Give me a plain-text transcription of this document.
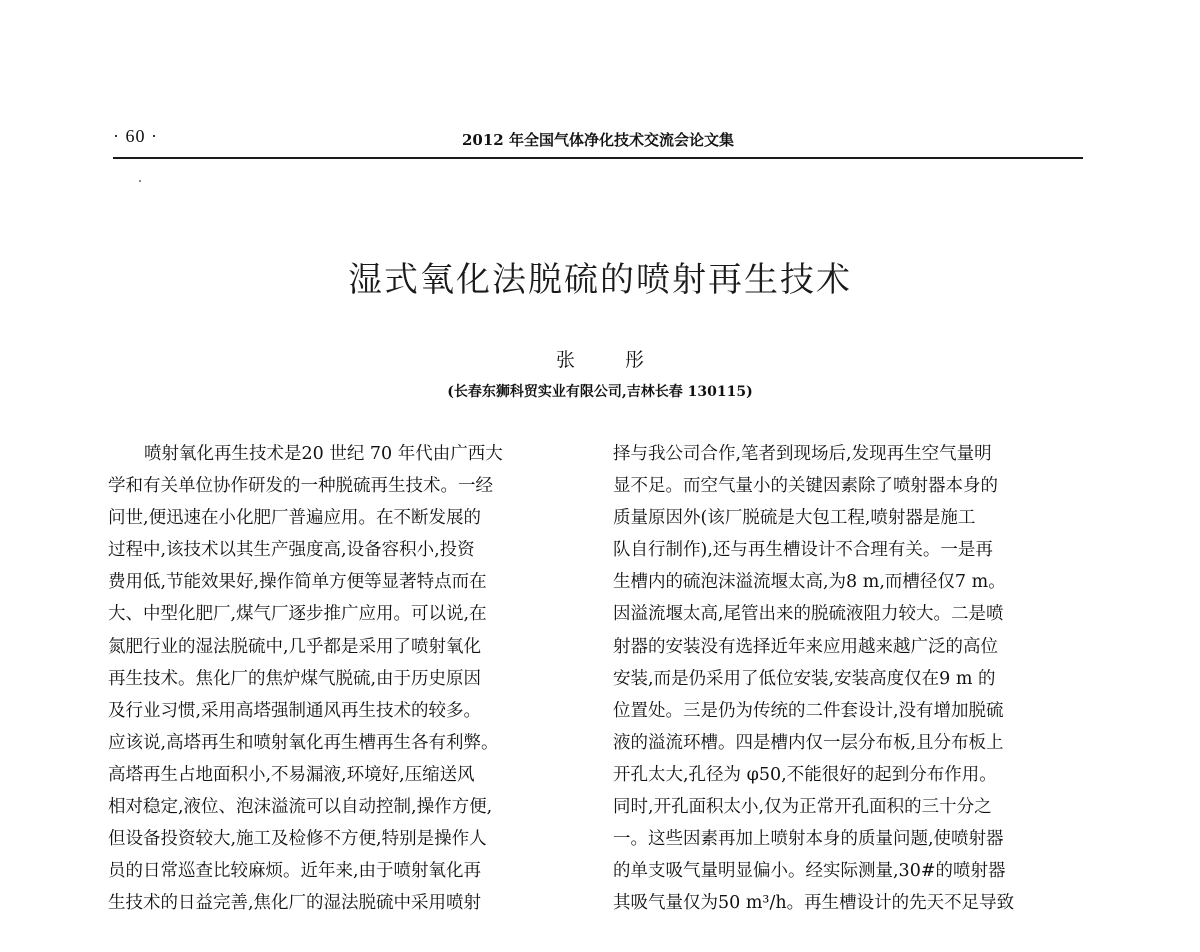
· 60 ·	2012 年全国气体净化技术交流会论文集
湿式氧化法脱硫的喷射再生技术
张 彤
(长春东狮科贸实业有限公司,吉林长春 130115)
喷射氧化再生技术是20 世纪 70 年代由广西大
学和有关单位协作研发的一种脱硫再生技术。一经
问世,便迅速在小化肥厂普遍应用。在不断发展的
过程中,该技术以其生产强度高,设备容积小,投资
费用低,节能效果好,操作简单方便等显著特点而在
大、中型化肥厂,煤气厂逐步推广应用。可以说,在
氮肥行业的湿法脱硫中,几乎都是采用了喷射氧化
再生技术。焦化厂的焦炉煤气脱硫,由于历史原因
及行业习惯,采用高塔强制通风再生技术的较多。
应该说,高塔再生和喷射氧化再生槽再生各有利弊。
高塔再生占地面积小,不易漏液,环境好,压缩送风
相对稳定,液位、泡沫溢流可以自动控制,操作方便,
但设备投资较大,施工及检修不方便,特别是操作人
员的日常巡查比较麻烦。近年来,由于喷射氧化再
生技术的日益完善,焦化厂的湿法脱硫中采用喷射
择与我公司合作,笔者到现场后,发现再生空气量明
显不足。而空气量小的关键因素除了喷射器本身的
质量原因外(该厂脱硫是大包工程,喷射器是施工
队自行制作),还与再生槽设计不合理有关。一是再
生槽内的硫泡沫溢流堰太高,为8 m,而槽径仅7 m。
因溢流堰太高,尾管出来的脱硫液阻力较大。二是喷
射器的安装没有选择近年来应用越来越广泛的高位
安装,而是仍采用了低位安装,安装高度仅在9 m 的
位置处。三是仍为传统的二件套设计,没有增加脱硫
液的溢流环槽。四是槽内仅一层分布板,且分布板上
开孔太大,孔径为 φ50,不能很好的起到分布作用。
同时,开孔面积太小,仅为正常开孔面积的三十分之
一。这些因素再加上喷射本身的质量问题,使喷射器
的单支吸气量明显偏小。经实际测量,30#的喷射器
其吸气量仅为50 m³/h。再生槽设计的先天不足导致
